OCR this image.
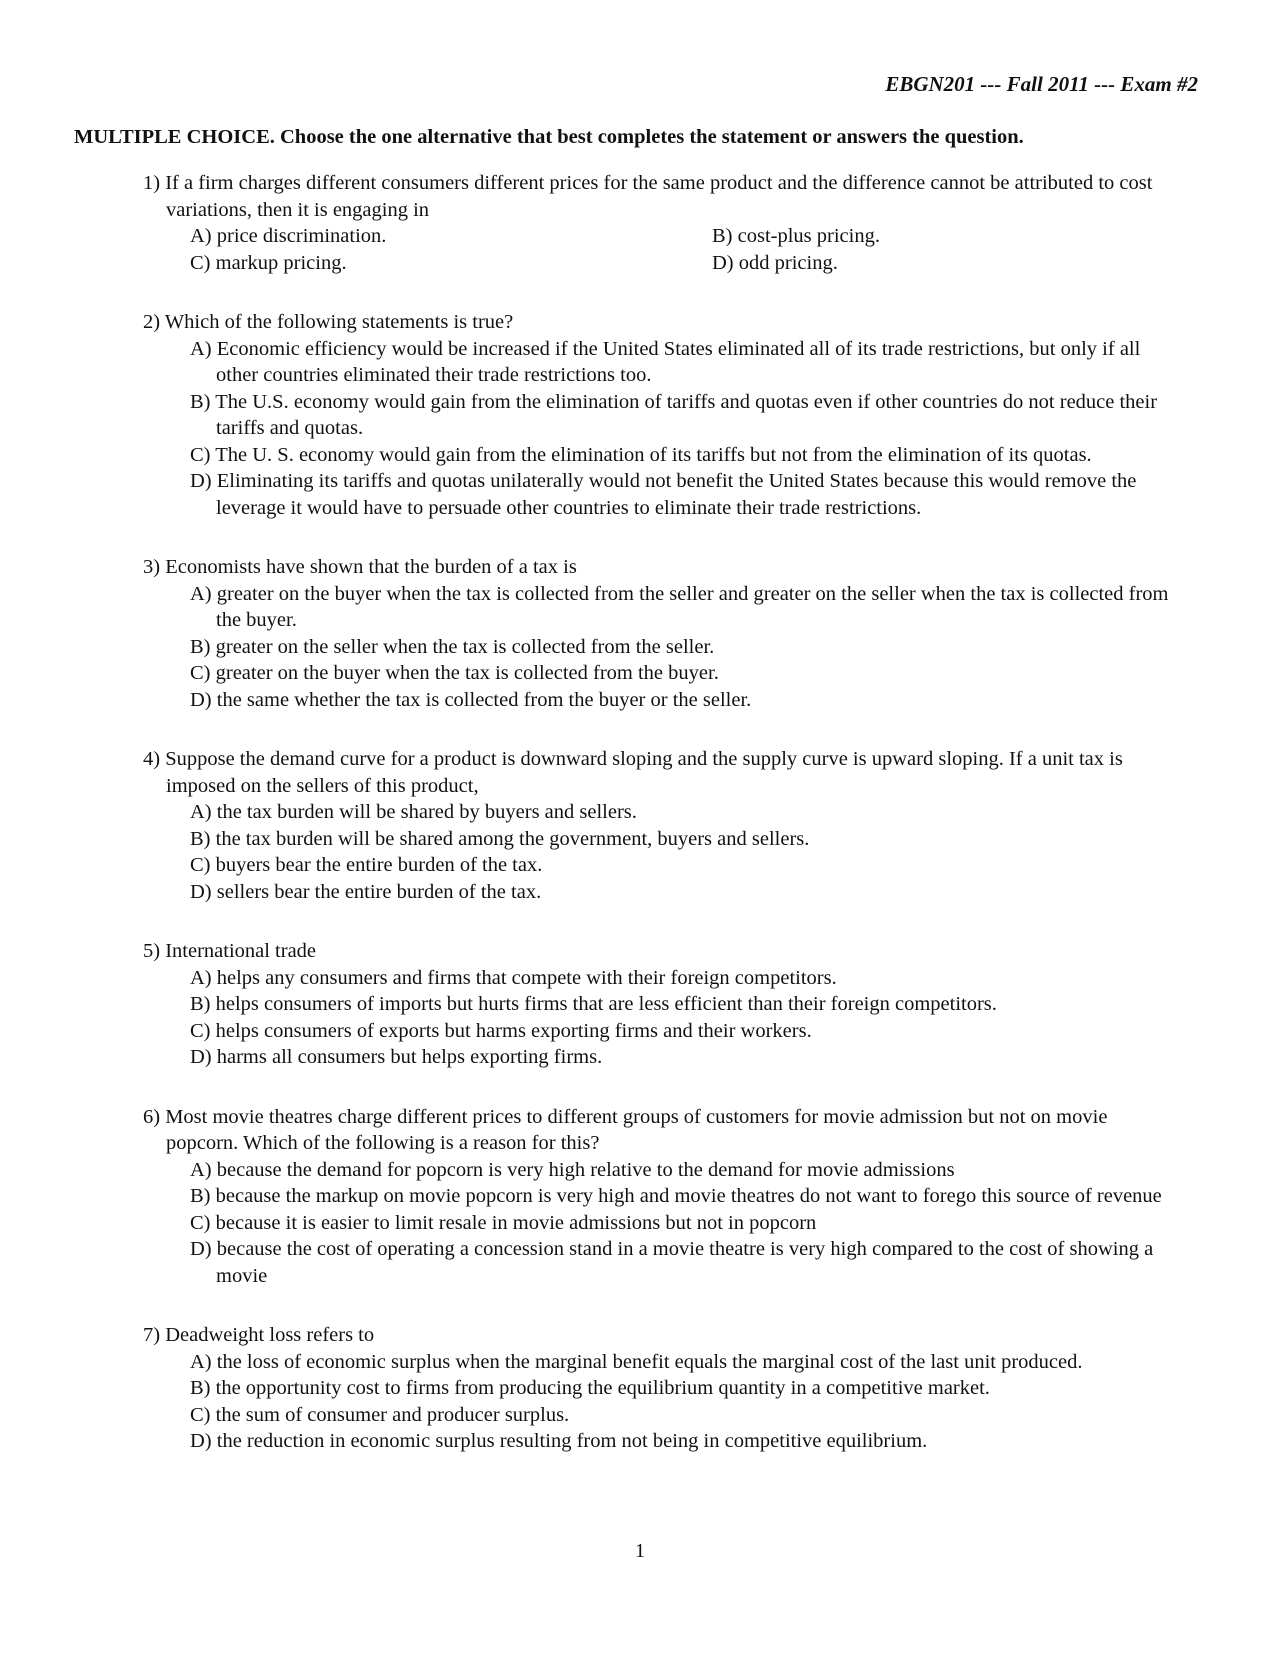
EBGN201 --- Fall 2011 --- Exam #2
MULTIPLE CHOICE. Choose the one alternative that best completes the statement or answers the question.
1) If a firm charges different consumers different prices for the same product and the difference cannot be attributed to cost variations, then it is engaging in
A) price discrimination.	B) cost-plus pricing.
C) markup pricing.	D) odd pricing.
2) Which of the following statements is true?
A) Economic efficiency would be increased if the United States eliminated all of its trade restrictions, but only if all other countries eliminated their trade restrictions too.
B) The U.S. economy would gain from the elimination of tariffs and quotas even if other countries do not reduce their tariffs and quotas.
C) The U. S. economy would gain from the elimination of its tariffs but not from the elimination of its quotas.
D) Eliminating its tariffs and quotas unilaterally would not benefit the United States because this would remove the leverage it would have to persuade other countries to eliminate their trade restrictions.
3) Economists have shown that the burden of a tax is
A) greater on the buyer when the tax is collected from the seller and greater on the seller when the tax is collected from the buyer.
B) greater on the seller when the tax is collected from the seller.
C) greater on the buyer when the tax is collected from the buyer.
D) the same whether the tax is collected from the buyer or the seller.
4) Suppose the demand curve for a product is downward sloping and the supply curve is upward sloping. If a unit tax is imposed on the sellers of this product,
A) the tax burden will be shared by buyers and sellers.
B) the tax burden will be shared among the government, buyers and sellers.
C) buyers bear the entire burden of the tax.
D) sellers bear the entire burden of the tax.
5) International trade
A) helps any consumers and firms that compete with their foreign competitors.
B) helps consumers of imports but hurts firms that are less efficient than their foreign competitors.
C) helps consumers of exports but harms exporting firms and their workers.
D) harms all consumers but helps exporting firms.
6) Most movie theatres charge different prices to different groups of customers for movie admission but not on movie popcorn. Which of the following is a reason for this?
A) because the demand for popcorn is very high relative to the demand for movie admissions
B) because the markup on movie popcorn is very high and movie theatres do not want to forego this source of revenue
C) because it is easier to limit resale in movie admissions but not in popcorn
D) because the cost of operating a concession stand in a movie theatre is very high compared to the cost of showing a movie
7) Deadweight loss refers to
A) the loss of economic surplus when the marginal benefit equals the marginal cost of the last unit produced.
B) the opportunity cost to firms from producing the equilibrium quantity in a competitive market.
C) the sum of consumer and producer surplus.
D) the reduction in economic surplus resulting from not being in competitive equilibrium.
1
